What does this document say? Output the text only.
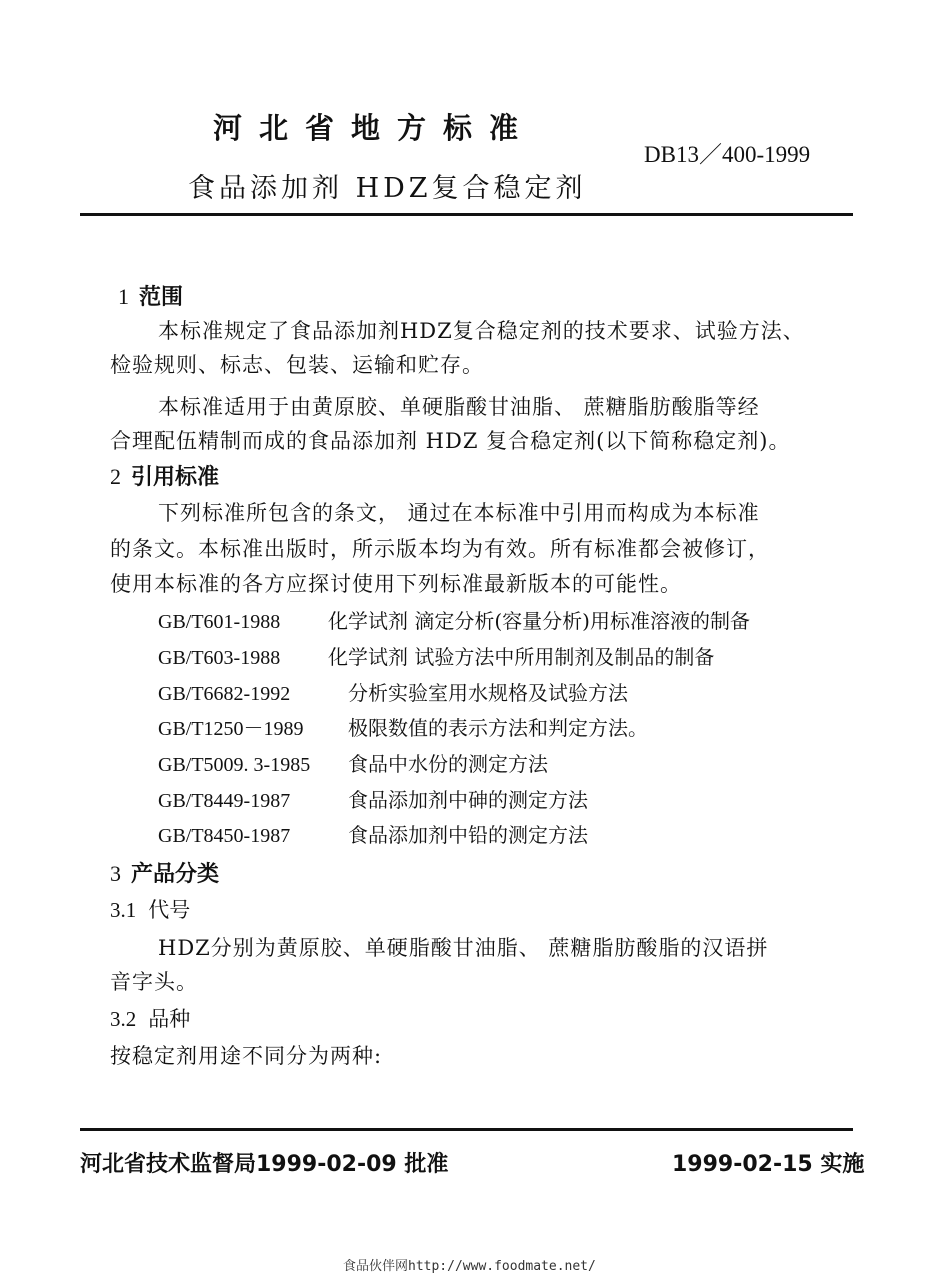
河北省地方标准
DB13／400-1999
食品添加剂 HDZ复合稳定剂
1 范围
本标准规定了食品添加剂HDZ复合稳定剂的技术要求、试验方法、
检验规则、标志、包装、运输和贮存。
本标准适用于由黄原胶、单硬脂酸甘油脂、 蔗糖脂肪酸脂等经
合理配伍精制而成的食品添加剂 HDZ 复合稳定剂(以下简称稳定剂)。
2 引用标准
下列标准所包含的条文， 通过在本标准中引用而构成为本标准
的条文。本标准出版时，所示版本均为有效。所有标准都会被修订，
使用本标准的各方应探讨使用下列标准最新版本的可能性。
GB/T601-1988 化学试剂 滴定分析(容量分析)用标准溶液的制备
GB/T603-1988 化学试剂 试验方法中所用制剂及制品的制备
GB/T6682-1992	分析实验室用水规格及试验方法
GB/T1250－1989 极限数值的表示方法和判定方法。
GB/T5009. 3-1985 食品中水份的测定方法
GB/T8449-1987	食品添加剂中砷的测定方法
GB/T8450-1987	食品添加剂中铅的测定方法
3 产品分类
3.1 代号
HDZ分别为黄原胶、单硬脂酸甘油脂、 蔗糖脂肪酸脂的汉语拼
音字头。
3.2 品种
按稳定剂用途不同分为两种:
河北省技术监督局1999-02-09 批准	1999-02-15 实施
食品伙伴网http://www.foodmate.net/
